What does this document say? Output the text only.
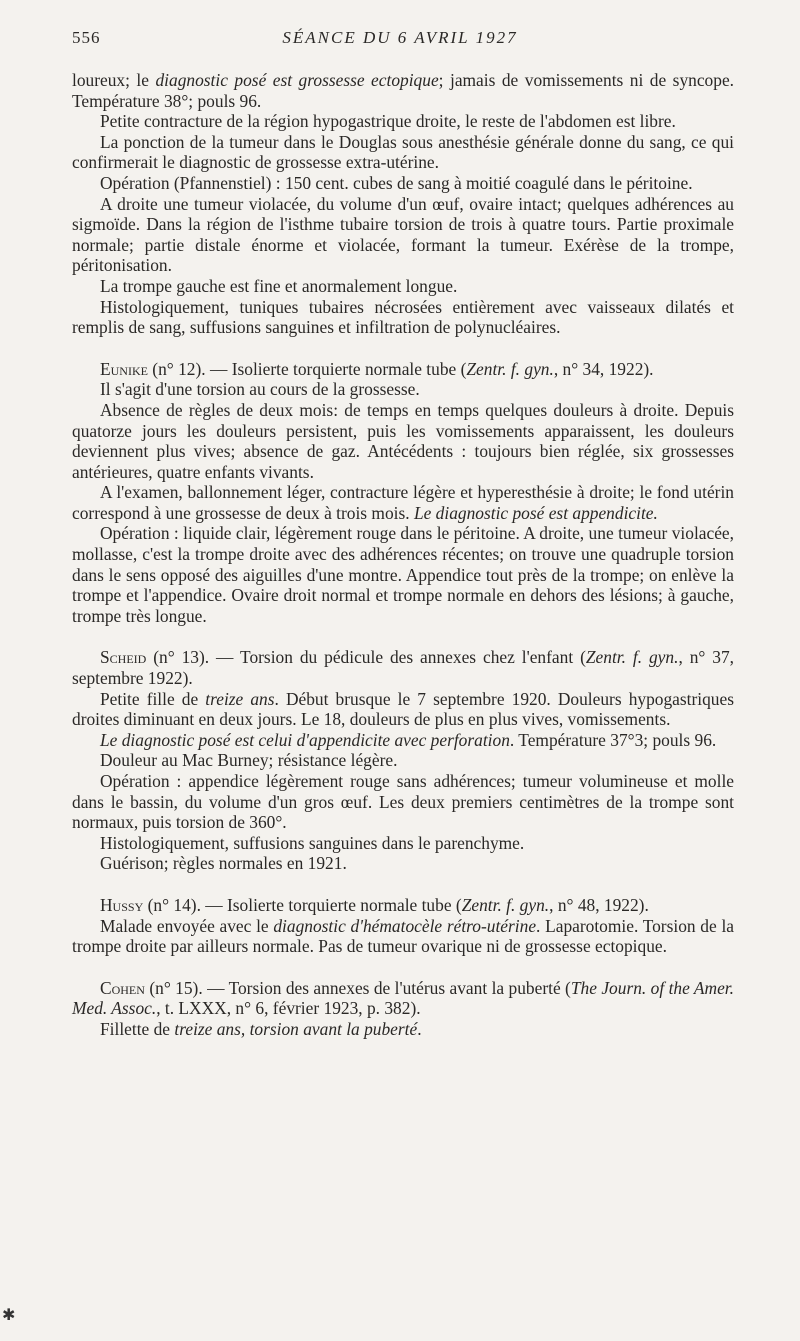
556	SÉANCE DU 6 AVRIL 1927

loureux; le diagnostic posé est grossesse ectopique; jamais de vomissements ni de syncope. Température 38°; pouls 96.

Petite contracture de la région hypogastrique droite, le reste de l'abdomen est libre.

La ponction de la tumeur dans le Douglas sous anesthésie générale donne du sang, ce qui confirmerait le diagnostic de grossesse extra-utérine.

Opération (Pfannenstiel) : 150 cent. cubes de sang à moitié coagulé dans le péritoine.

A droite une tumeur violacée, du volume d'un œuf, ovaire intact; quelques adhérences au sigmoïde. Dans la région de l'isthme tubaire torsion de trois à quatre tours. Partie proximale normale; partie distale énorme et violacée, formant la tumeur. Exérèse de la trompe, péritonisation.

La trompe gauche est fine et anormalement longue.

Histologiquement, tuniques tubaires nécrosées entièrement avec vaisseaux dilatés et remplis de sang, suffusions sanguines et infiltration de polynucléaires.

Eunike (n° 12). — Isolierte torquierte normale tube (Zentr. f. gyn., n° 34, 1922).

Il s'agit d'une torsion au cours de la grossesse.

Absence de règles de deux mois: de temps en temps quelques douleurs à droite. Depuis quatorze jours les douleurs persistent, puis les vomissements apparaissent, les douleurs deviennent plus vives; absence de gaz. Antécédents : toujours bien réglée, six grossesses antérieures, quatre enfants vivants.

A l'examen, ballonnement léger, contracture légère et hyperesthésie à droite; le fond utérin correspond à une grossesse de deux à trois mois. Le diagnostic posé est appendicite.

Opération : liquide clair, légèrement rouge dans le péritoine. A droite, une tumeur violacée, mollasse, c'est la trompe droite avec des adhérences récentes; on trouve une quadruple torsion dans le sens opposé des aiguilles d'une montre. Appendice tout près de la trompe; on enlève la trompe et l'appendice. Ovaire droit normal et trompe normale en dehors des lésions; à gauche, trompe très longue.

Scheid (n° 13). — Torsion du pédicule des annexes chez l'enfant (Zentr. f. gyn., n° 37, septembre 1922).

Petite fille de treize ans. Début brusque le 7 septembre 1920. Douleurs hypogastriques droites diminuant en deux jours. Le 18, douleurs de plus en plus vives, vomissements.

Le diagnostic posé est celui d'appendicite avec perforation. Température 37°3; pouls 96.

Douleur au Mac Burney; résistance légère.

Opération : appendice légèrement rouge sans adhérences; tumeur volumineuse et molle dans le bassin, du volume d'un gros œuf. Les deux premiers centimètres de la trompe sont normaux, puis torsion de 360°.

Histologiquement, suffusions sanguines dans le parenchyme.

Guérison; règles normales en 1921.

Hussy (n° 14). — Isolierte torquierte normale tube (Zentr. f. gyn., n° 48, 1922).

Malade envoyée avec le diagnostic d'hématocèle rétro-utérine. Laparotomie. Torsion de la trompe droite par ailleurs normale. Pas de tumeur ovarique ni de grossesse ectopique.

Cohen (n° 15). — Torsion des annexes de l'utérus avant la puberté (The Journ. of the Amer. Med. Assoc., t. LXXX, n° 6, février 1923, p. 382).

Fillette de treize ans, torsion avant la puberté.

✱
